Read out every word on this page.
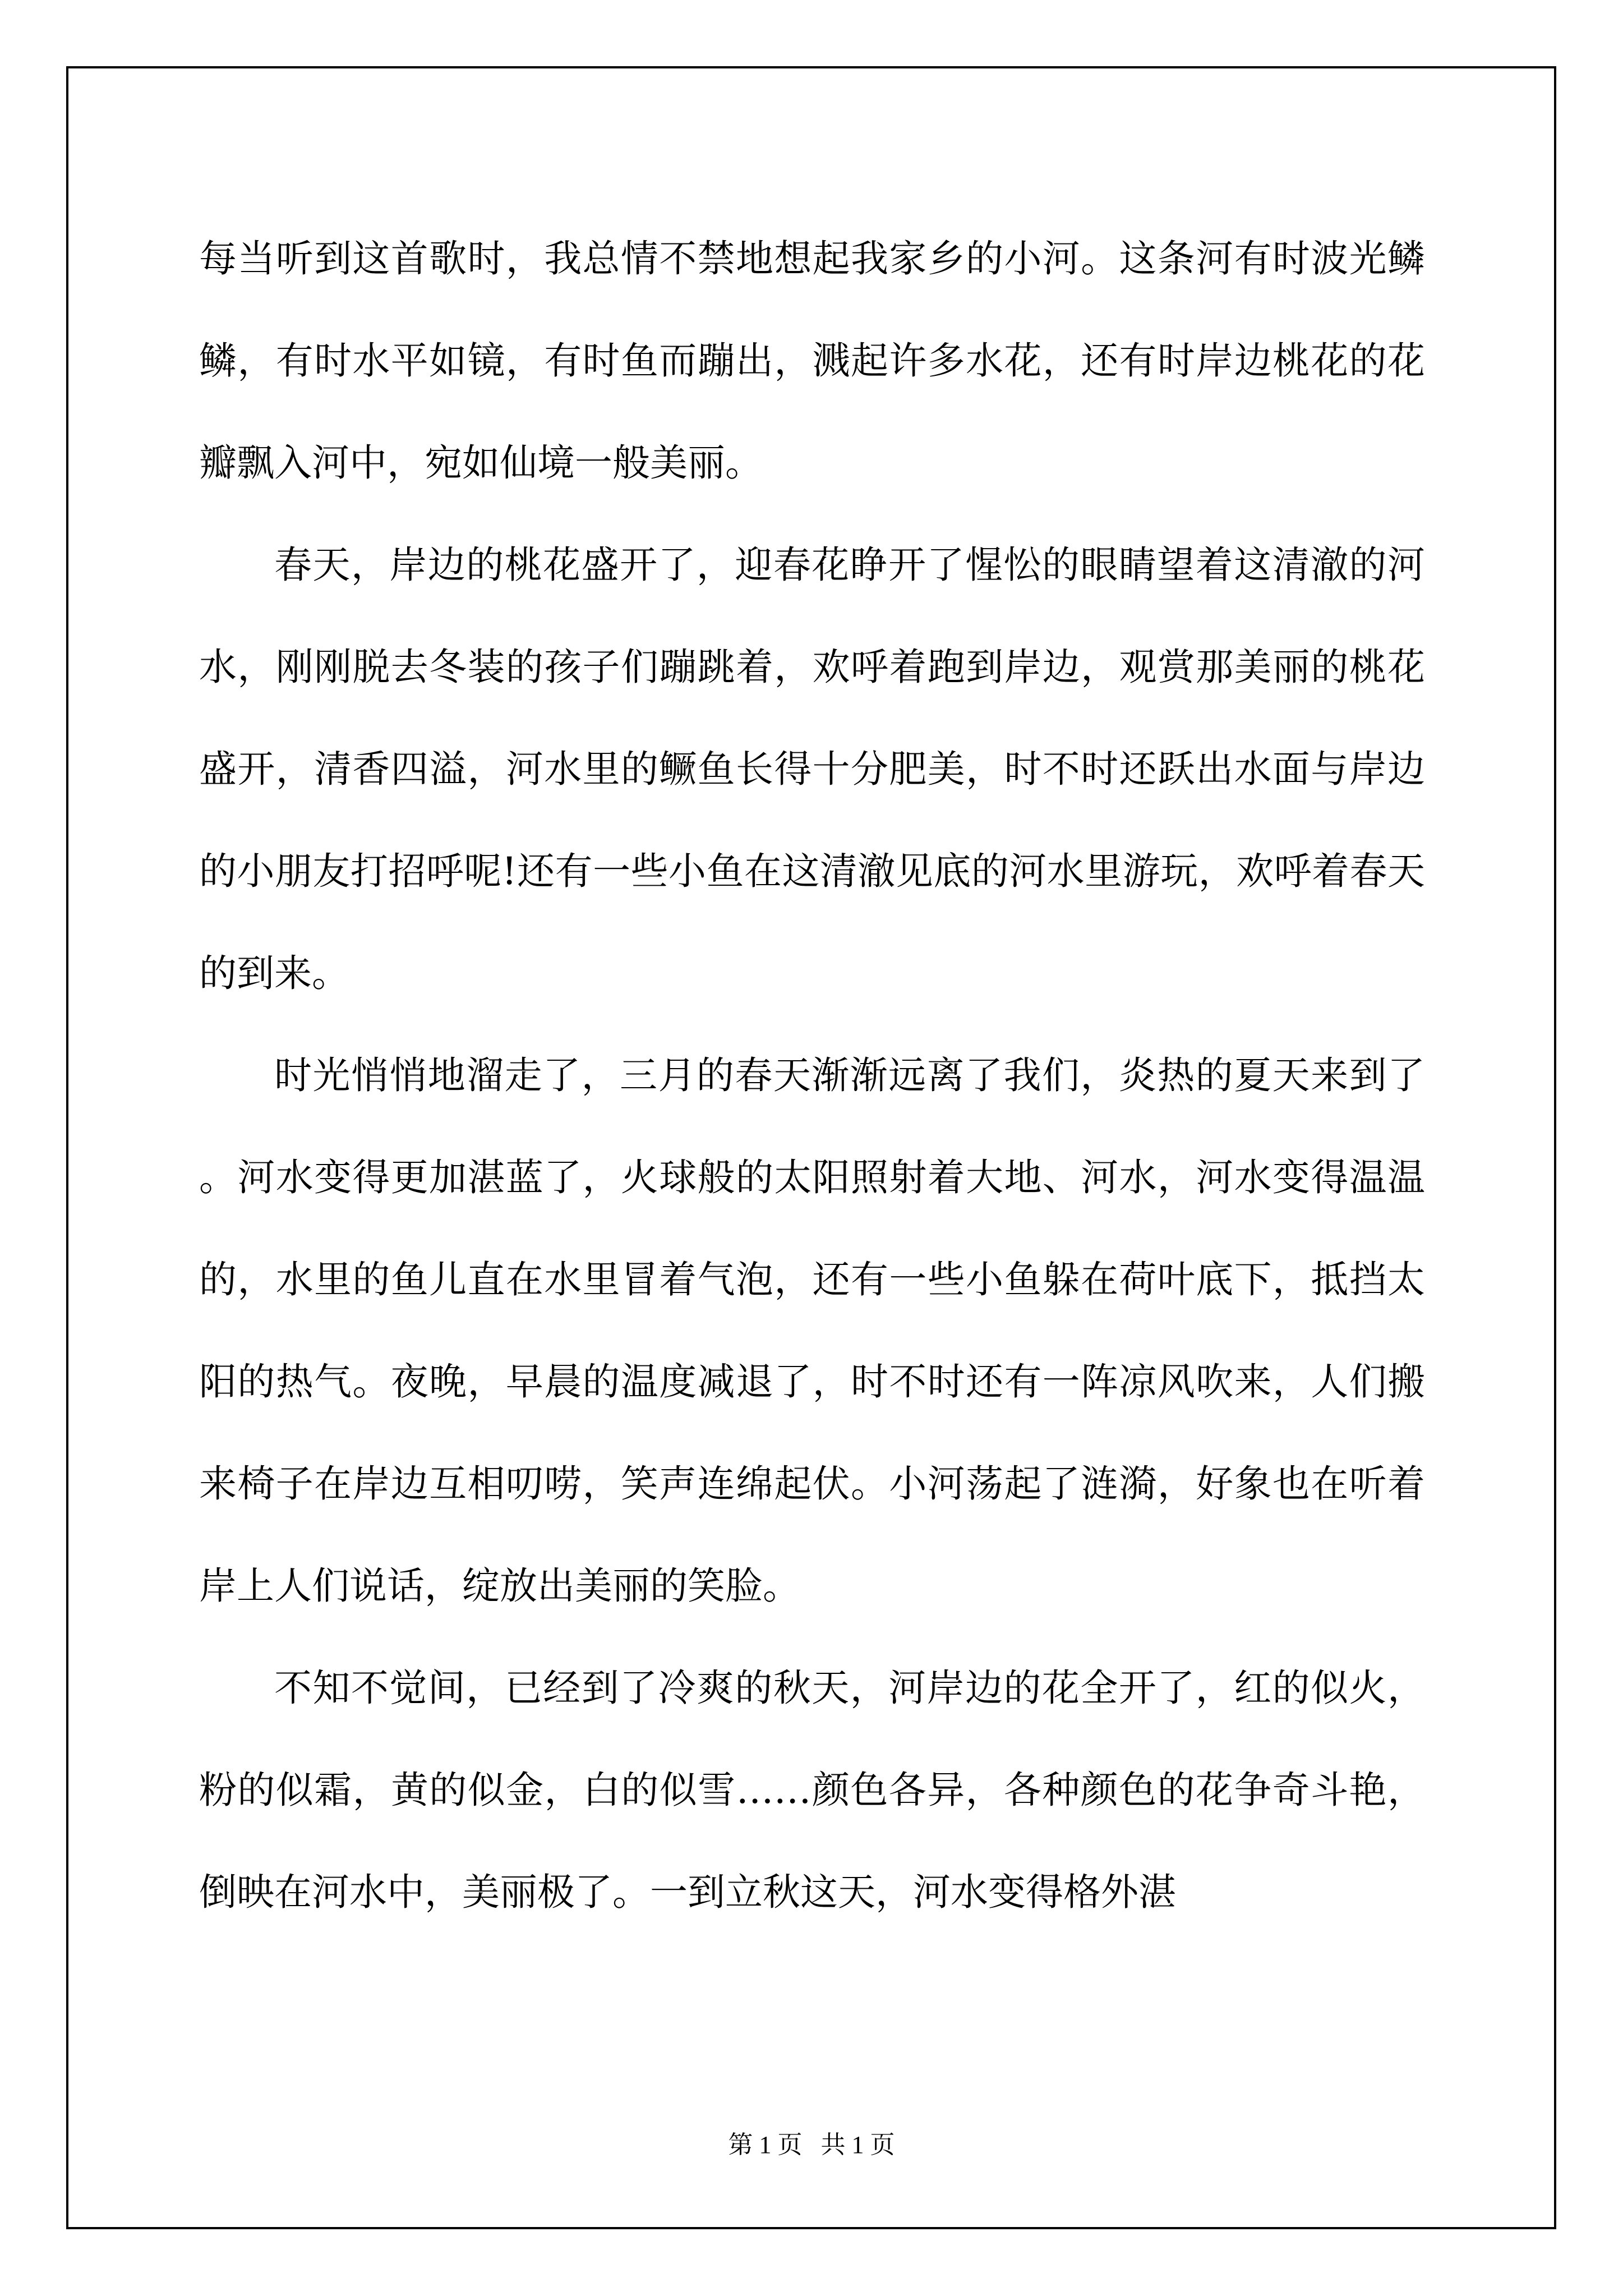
每当听到这首歌时，我总情不禁地想起我家乡的小河。这条河有时波光鳞鳞，有时水平如镜，有时鱼而蹦出，溅起许多水花，还有时岸边桃花的花瓣飘入河中，宛如仙境一般美丽。

春天，岸边的桃花盛开了，迎春花睁开了惺忪的眼睛望着这清澈的河水，刚刚脱去冬装的孩子们蹦跳着，欢呼着跑到岸边，观赏那美丽的桃花盛开，清香四溢，河水里的鳜鱼长得十分肥美，时不时还跃出水面与岸边的小朋友打招呼呢!还有一些小鱼在这清澈见底的河水里游玩，欢呼着春天的到来。

时光悄悄地溜走了，三月的春天渐渐远离了我们，炎热的夏天来到了。河水变得更加湛蓝了，火球般的太阳照射着大地、河水，河水变得温温的，水里的鱼儿直在水里冒着气泡，还有一些小鱼躲在荷叶底下，抵挡太阳的热气。夜晚，早晨的温度减退了，时不时还有一阵凉风吹来，人们搬来椅子在岸边互相叨唠，笑声连绵起伏。小河荡起了涟漪，好象也在听着岸上人们说话，绽放出美丽的笑脸。

不知不觉间，已经到了冷爽的秋天，河岸边的花全开了，红的似火，粉的似霜，黄的似金，白的似雪……颜色各异，各种颜色的花争奇斗艳，倒映在河水中，美丽极了。一到立秋这天，河水变得格外湛

第 1 页 共 1 页
